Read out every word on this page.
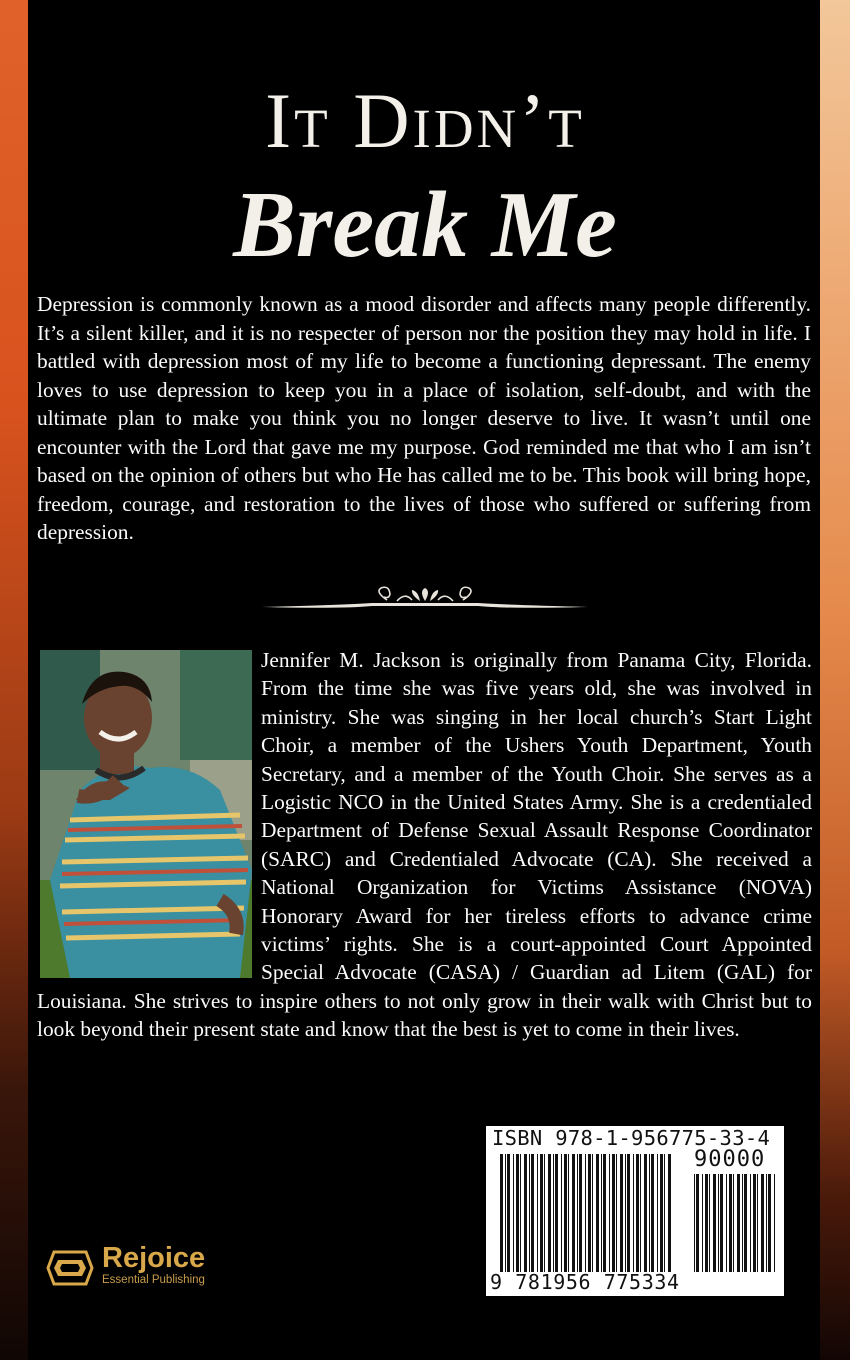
It Didn’t
Break Me
Depression is commonly known as a mood disorder and affects many people differently. It’s a silent killer, and it is no respecter of person nor the position they may hold in life. I battled with depression most of my life to become a functioning depressant. The enemy loves to use depression to keep you in a place of isolation, self-doubt, and with the ultimate plan to make you think you no longer deserve to live. It wasn’t until one encounter with the Lord that gave me my purpose. God reminded me that who I am isn’t based on the opinion of others but who He has called me to be. This book will bring hope, freedom, courage, and restoration to the lives of those who suffered or suffering from depression.
Jennifer M. Jackson is originally from Panama City, Florida. From the time she was five years old, she was involved in ministry. She was singing in her local church’s Start Light Choir, a member of the Ushers Youth Department, Youth Secretary, and a member of the Youth Choir. She serves as a Logistic NCO in the United States Army. She is a credentialed Department of Defense Sexual Assault Response Coordinator (SARC) and Credentialed Advocate (CA). She received a National Organization for Victims Assistance (NOVA) Honorary Award for her tireless efforts to advance crime victims’ rights. She is a court-appointed Court Appointed Special Advocate (CASA) / Guardian ad Litem (GAL) for Louisiana. She strives to inspire others to not only grow in their walk with Christ but to look beyond their present state and know that the best is yet to come in their lives.
Rejoice
Essential Publishing
ISBN 978-1-956775-33-4
90000
9 781956 775334
